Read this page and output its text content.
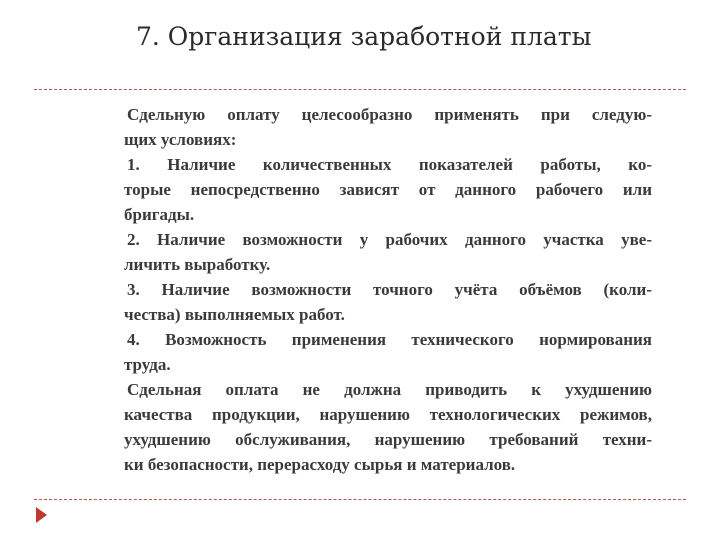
7. Организация заработной платы
Сдельную оплату целесообразно применять при следую-
щих условиях:
1. Наличие количественных показателей работы, ко-
торые непосредственно зависят от данного рабочего или
бригады.
2. Наличие возможности у рабочих данного участка уве-
личить выработку.
3. Наличие возможности точного учёта объёмов (коли-
чества) выполняемых работ.
4. Возможность применения технического нормирования
труда.
Сдельная оплата не должна приводить к ухудшению
качества продукции, нарушению технологических режимов,
ухудшению обслуживания, нарушению требований техни-
ки безопасности, перерасходу сырья и материалов.
